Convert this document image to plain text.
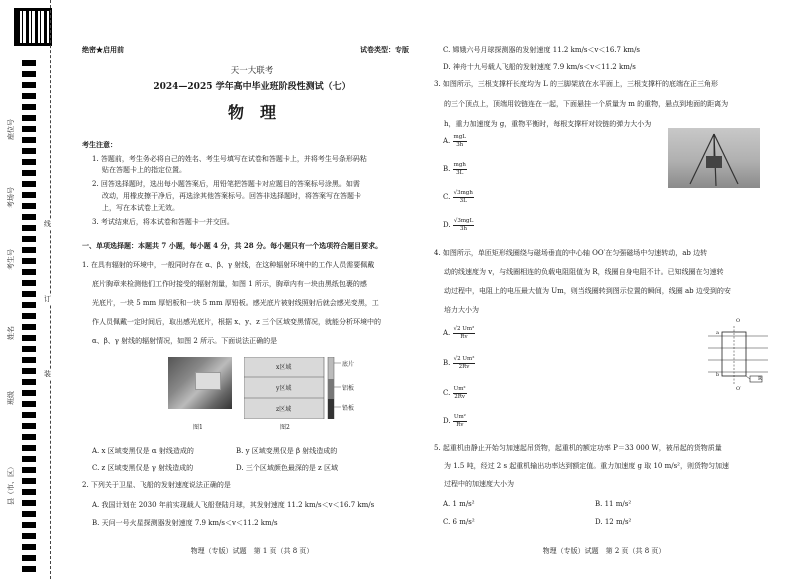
座位号
考场号
考生号
姓名
班级
县（市、区）
线
订
装
绝密★启用前	试卷类型：专版
天一大联考
2024—2025 学年高中毕业班阶段性测试（七）
物　理
考生注意：
1. 答题前，考生务必将自己的姓名、考生号填写在试卷和答题卡上，并将考生号条形码粘
贴在答题卡上的指定位置。
2. 回答选择题时，选出每小题答案后，用铅笔把答题卡对应题目的答案标号涂黑。如需
改动，用橡皮擦干净后，再选涂其他答案标号。回答非选择题时，将答案写在答题卡
上，写在本试卷上无效。
3. 考试结束后，将本试卷和答题卡一并交回。
一、单项选择题：本题共 7 小题，每小题 4 分，共 28 分。每小题只有一个选项符合题目要求。
1. 在具有辐射的环境中，一般同时存在 α、β、γ 射线，在这种辐射环境中的工作人员需要佩戴
底片胸章来检测他们工作时接受的辐射剂量，如图 1 所示，胸章内有一块由黑纸包裹的感
光底片，一块 5 mm 厚铝板和一块 5 mm 厚铅板。感光底片被射线照射后就会感光变黑，工
作人员佩戴一定时间后，取出感光底片，根据 x、y、z 三个区域变黑情况，就能分析环境中的
α、β、γ 射线的辐射情况，如图 2 所示。下面说法正确的是
图1
x区域
y区域
z区域
底片
铝板
铅板
图2
A. x 区域变黑仅是 α 射线造成的	B. y 区域变黑仅是 β 射线造成的
C. z 区域变黑仅是 γ 射线造成的	D. 三个区域颜色最深的是 z 区域
2. 下列关于卫星、飞船的发射速度说法正确的是
A. 我国计划在 2030 年前实现载人飞船登陆月球，其发射速度 11.2 km/s＜v＜16.7 km/s
B. 天问一号火星探测器发射速度 7.9 km/s＜v＜11.2 km/s
物理（专版）试题　第 1 页（共 8 页）
C. 嫦娥六号月球探测器的发射速度 11.2 km/s＜v＜16.7 km/s
D. 神舟十九号载人飞船的发射速度 7.9 km/s＜v＜11.2 km/s
3. 如图所示，三根支撑杆长度均为 L 的三脚架放在水平面上，三根支撑杆的底端在正三角形
的三个顶点上，顶端用铰链连在一起，下面悬挂一个质量为 m 的重物，悬点到地面的距离为
h，重力加速度为 g，重物平衡时，每根支撑杆对铰链的弹力大小为
A. $\frac{\text{mgL}}{3h}$
B. $\frac{\text{mgh}}{3L}$
C. $\frac{\text{√3mgh}}{3L}$
D. $\frac{\text{√3mgL}}{3h}$
4. 如图所示，单匝矩形线圈绕与磁场垂直的中心轴 OO′在匀强磁场中匀速转动，ab 边转
动的线速度为 v，与线圈相连的负载电阻阻值为 R，线圈自身电阻不计。已知线圈在匀速转
动过程中，电阻上的电压最大值为 Um，则当线圈转到图示位置的瞬间，线圈 ab 边受到的安
培力大小为
A. $\frac{\text{√2 Um²}}{Rv}$
B. $\frac{\text{√2 Um²}}{2Rv}$
C. $\frac{\text{Um²}}{2Rv}$
D. $\frac{\text{Um²}}{Rv}$
O
a
b
O′
R
5. 起重机由静止开始匀加速起吊货物，起重机的额定功率 P＝33 000 W，被吊起的货物质量
为 1.5 吨，经过 2 s 起重机输出功率达到额定值。重力加速度 g 取 10 m/s²，则货物匀加速
过程中的加速度大小为
A. 1 m/s²	B. 11 m/s²
C. 6 m/s²	D. 12 m/s²
物理（专版）试题　第 2 页（共 8 页）
